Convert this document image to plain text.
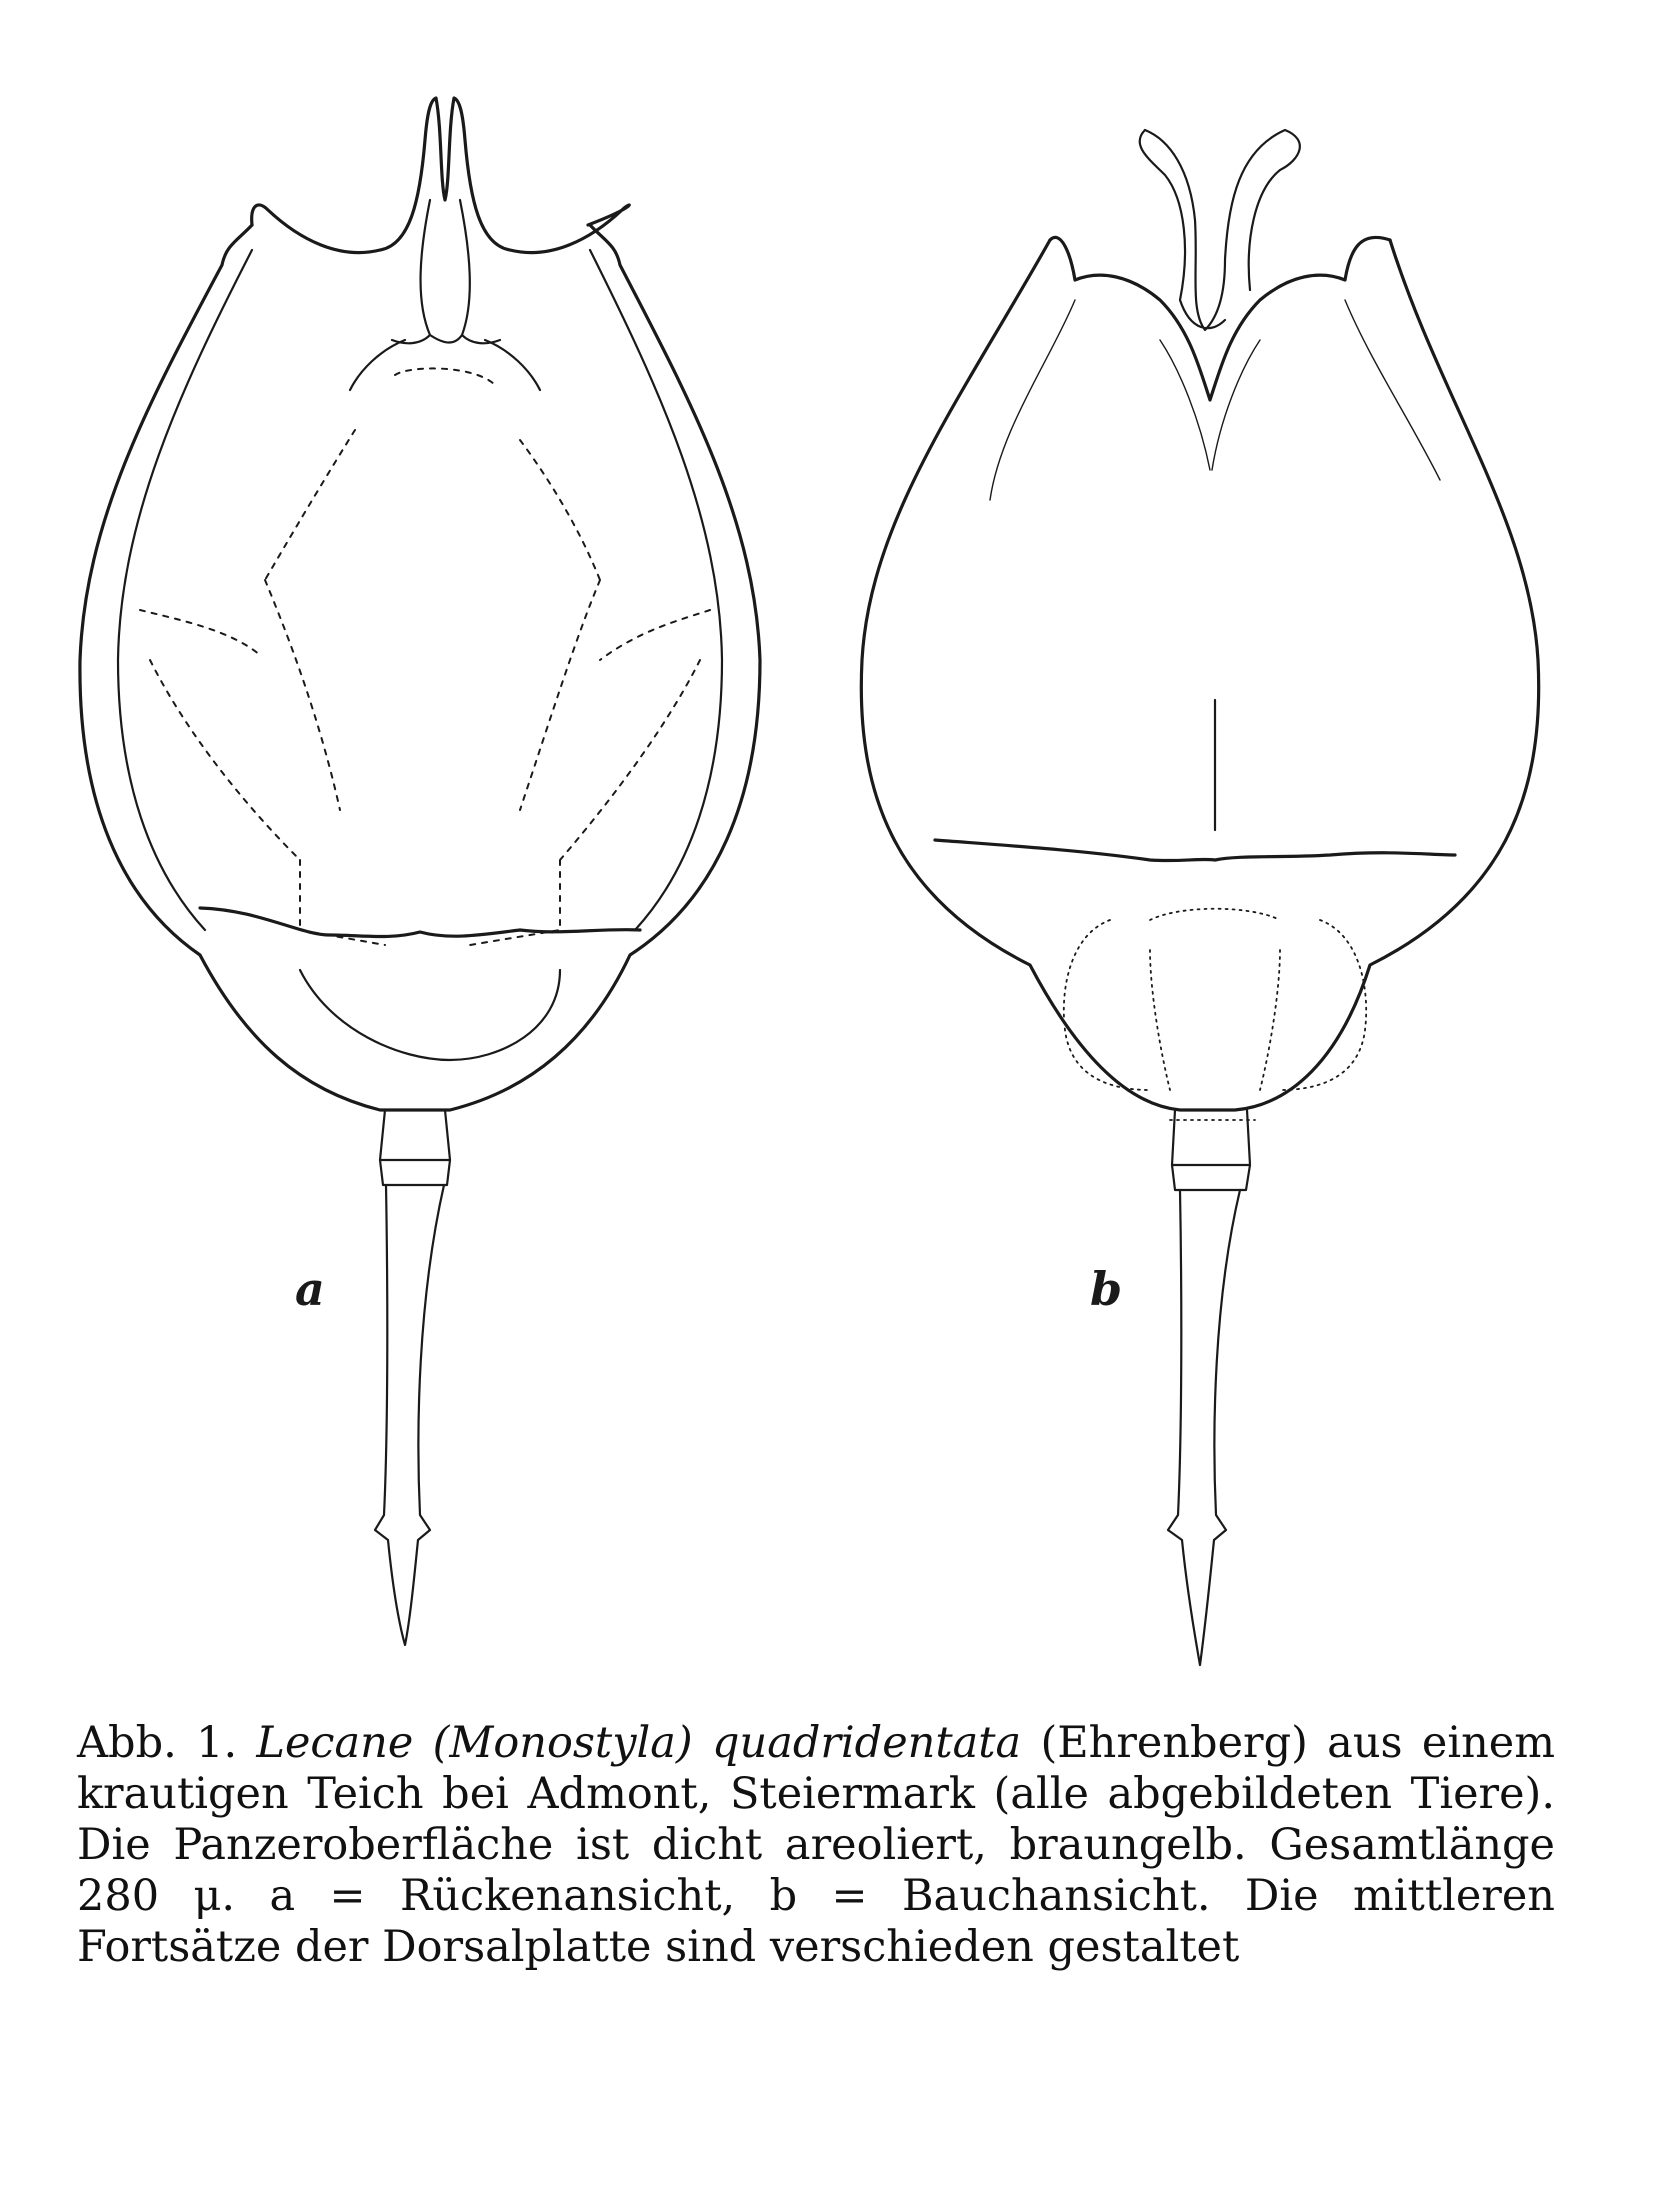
a	b

Abb. 1. Lecane (Monostyla) quadridentata (Ehrenberg) aus einem krautigen Teich bei Admont, Steiermark (alle abgebildeten Tiere). Die Panzeroberfläche ist dicht areoliert, braungelb. Gesamtlänge 280 μ. a = Rückenansicht, b = Bauchansicht. Die mittleren Fortsätze der Dorsalplatte sind verschieden gestaltet
